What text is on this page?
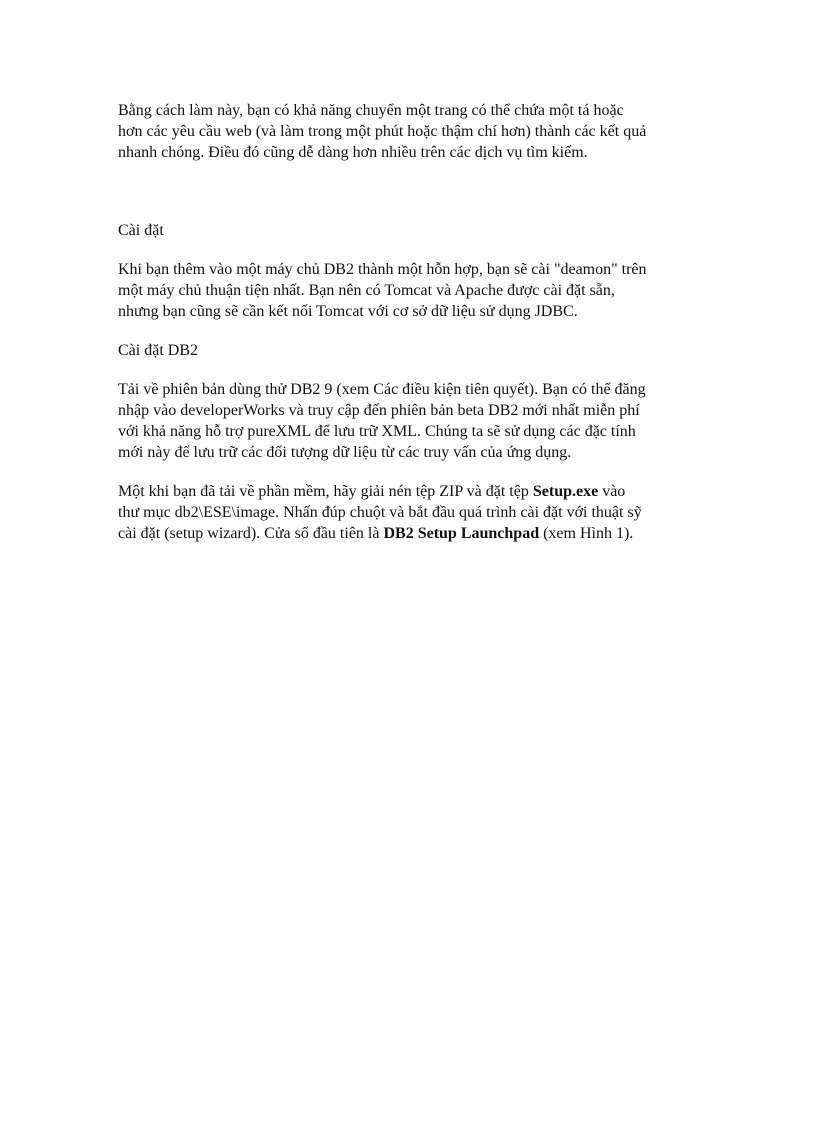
Bằng cách làm này, bạn có khả năng chuyển một trang có thể chứa một tá hoặc
hơn các yêu cầu web (và làm trong một phút hoặc thậm chí hơn) thành các kết quả
nhanh chóng. Điều đó cũng dễ dàng hơn nhiều trên các dịch vụ tìm kiếm.

Cài đặt

Khi bạn thêm vào một máy chủ DB2 thành một hỗn hợp, bạn sẽ cài "deamon" trên
một máy chủ thuận tiện nhất. Bạn nên có Tomcat và Apache được cài đặt sẵn,
nhưng bạn cũng sẽ cần kết nối Tomcat với cơ sở dữ liệu sử dụng JDBC.

Cài đặt DB2

Tải về phiên bản dùng thử DB2 9 (xem Các điều kiện tiên quyết). Bạn có thể đăng
nhập vào developerWorks và truy cập đến phiên bản beta DB2 mới nhất miễn phí
với khả năng hỗ trợ pureXML để lưu trữ XML. Chúng ta sẽ sử dụng các đặc tính
mới này để lưu trữ các đối tượng dữ liệu từ các truy vấn của ứng dụng.

Một khi bạn đã tải về phần mềm, hãy giải nén tệp ZIP và đặt tệp Setup.exe vào
thư mục db2\ESE\image. Nhấn đúp chuột và bắt đầu quá trình cài đặt với thuật sỹ
cài đặt (setup wizard). Cửa sổ đầu tiên là DB2 Setup Launchpad (xem Hình 1).
